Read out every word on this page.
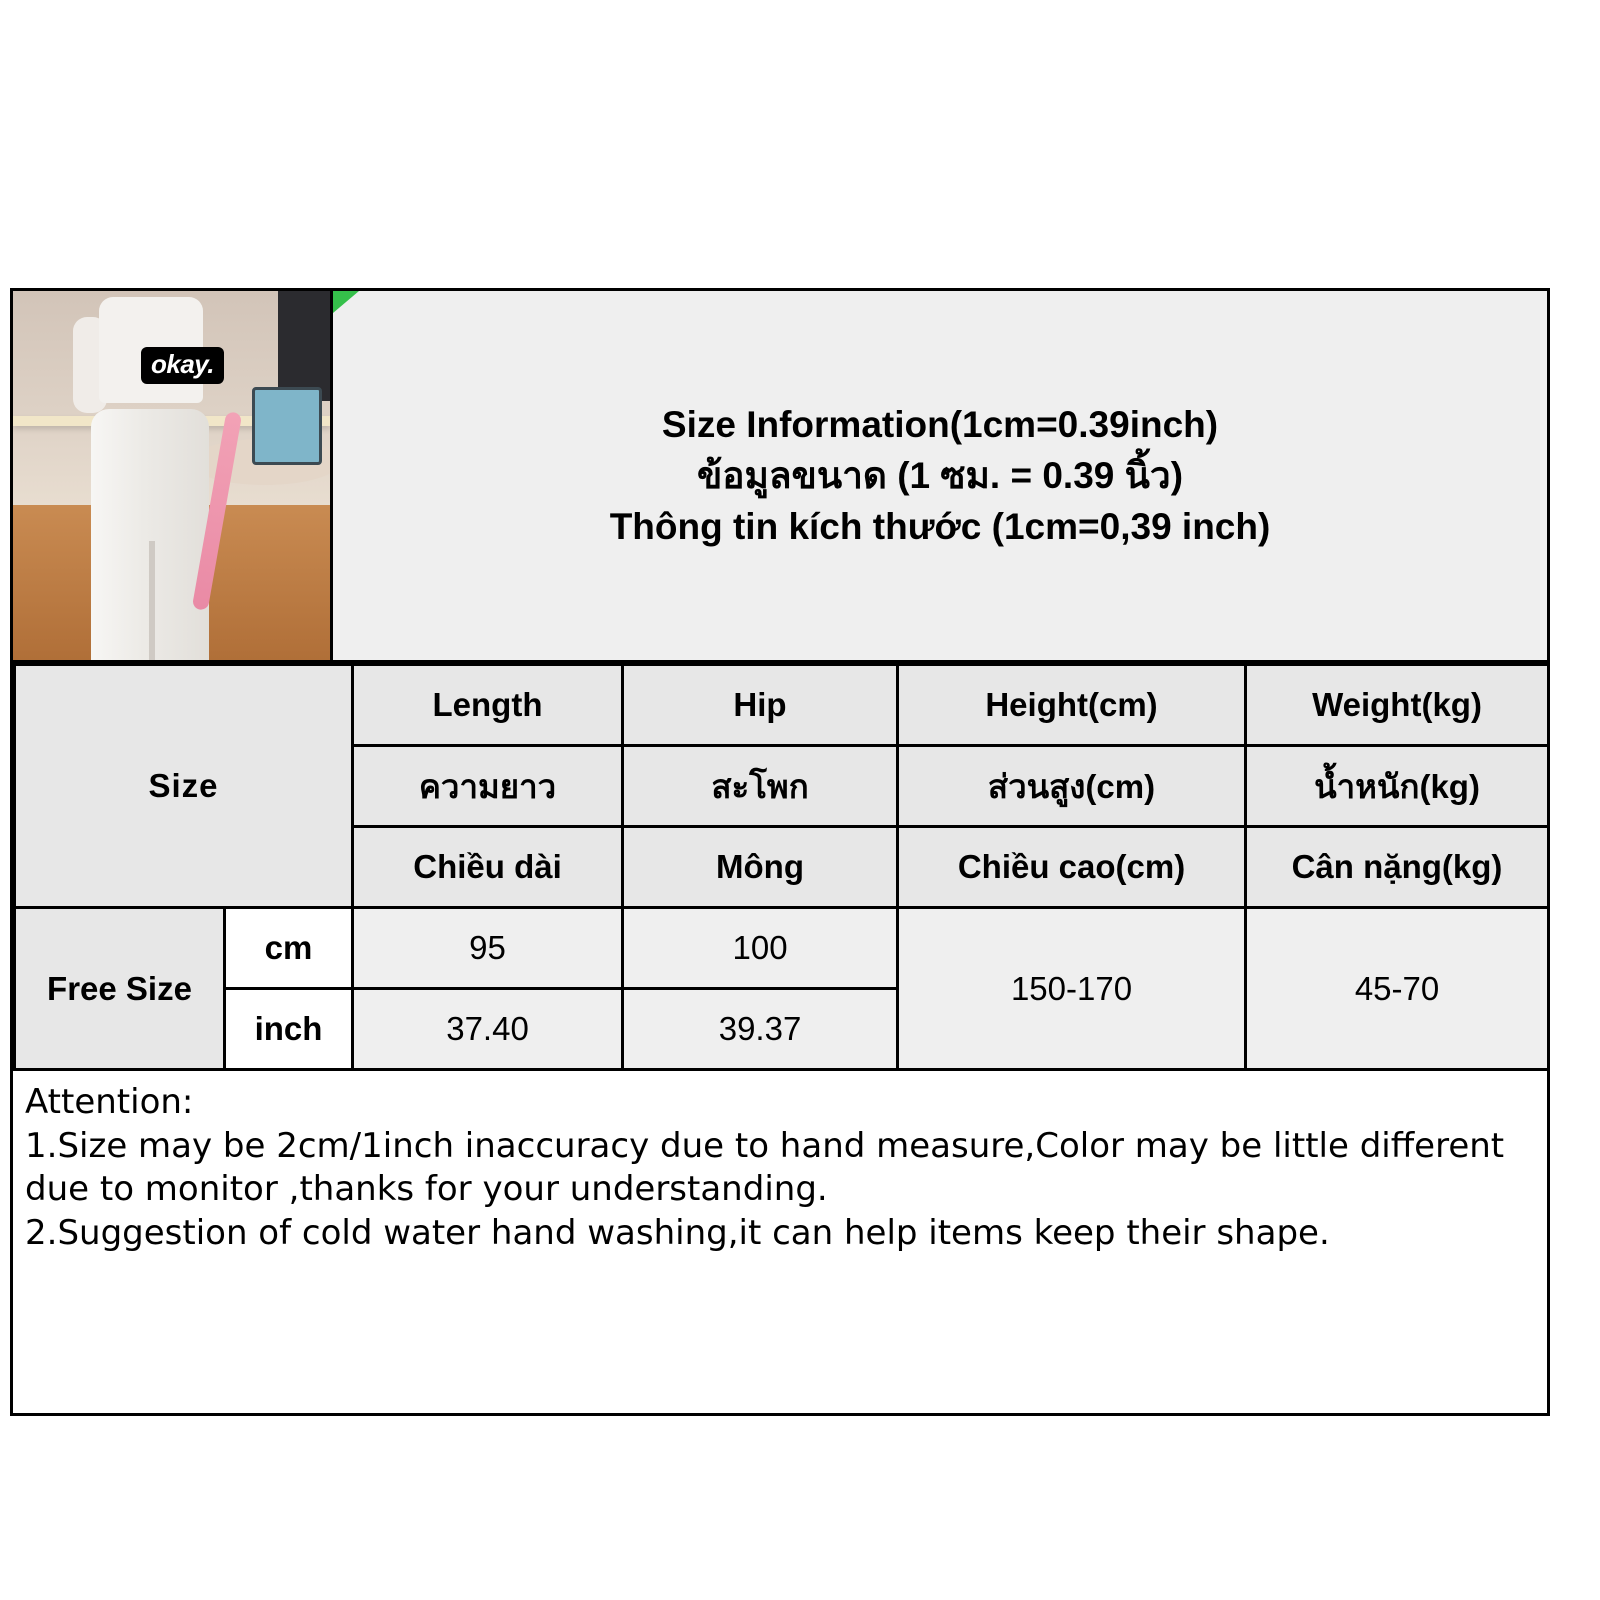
okay.
Size Information(1cm=0.39inch)
ข้อมูลขนาด (1 ซม. = 0.39 นิ้ว)
Thông tin kích thước (1cm=0,39 inch)
Size		Length	Hip	Height(cm)	Weight(kg)
		ความยาว	สะโพก	ส่วนสูง(cm)	น้ำหนัก(kg)
		Chiều dài	Mông	Chiều cao(cm)	Cân nặng(kg)
Free Size	cm	95	100	150-170	45-70
	inch	37.40	39.37		
Attention:
1.Size may be 2cm/1inch inaccuracy due to hand measure,Color may be little different due to monitor ,thanks for your understanding.
2.Suggestion of cold water hand washing,it can help items keep their shape.
